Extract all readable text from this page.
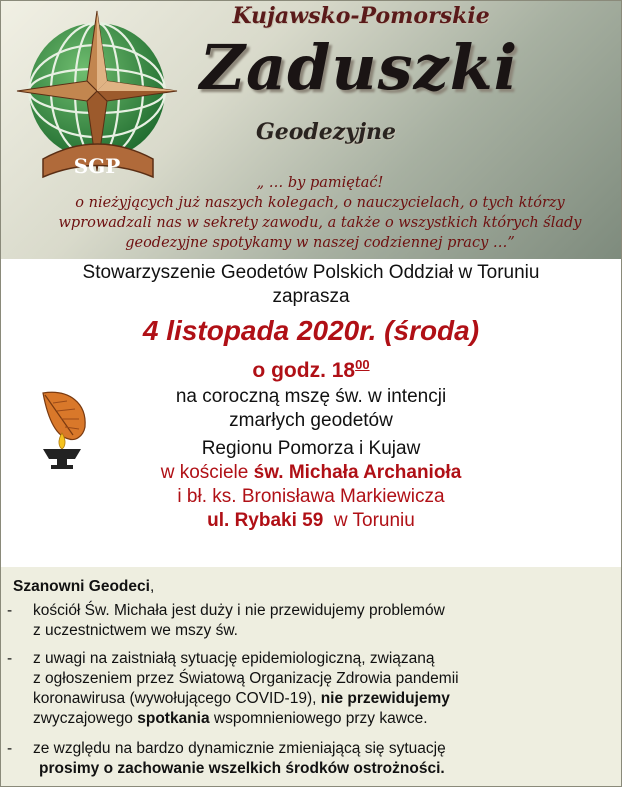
SGP
Kujawsko-Pomorskie
Zaduszki
Geodezyjne
„ … by pamiętać!
o nieżyjących już naszych kolegach, o nauczycielach, o tych którzy
wprowadzali nas w sekrety zawodu, a także o wszystkich których ślady
geodezyjne spotykamy w naszej codziennej pracy …”

Stowarzyszenie Geodetów Polskich Oddział w Toruniu

zaprasza

4 listopada 2020r. (środa)
o godz. $18^{00}$

na coroczną mszę św. w intencji

zmarłych geodetów

Regionu Pomorza i Kujaw

w kościele św. Michała Archanioła

i bł. ks. Bronisława Markiewicza

ul. Rybaki 59  w Toruniu

Szanowni Geodeci,
- kościół Św. Michała jest duży i nie przewidujemy problemów
z uczestnictwem we mszy św.
- z uwagi na zaistniałą sytuację epidemiologiczną, związaną
z ogłoszeniem przez Światową Organizację Zdrowia pandemii
koronawirusa (wywołującego COVID-19), nie przewidujemy
zwyczajowego spotkania wspomnieniowego przy kawce.
- ze względu na bardzo dynamicznie zmieniającą się sytuację
prosimy o zachowanie wszelkich środków ostrożności.
